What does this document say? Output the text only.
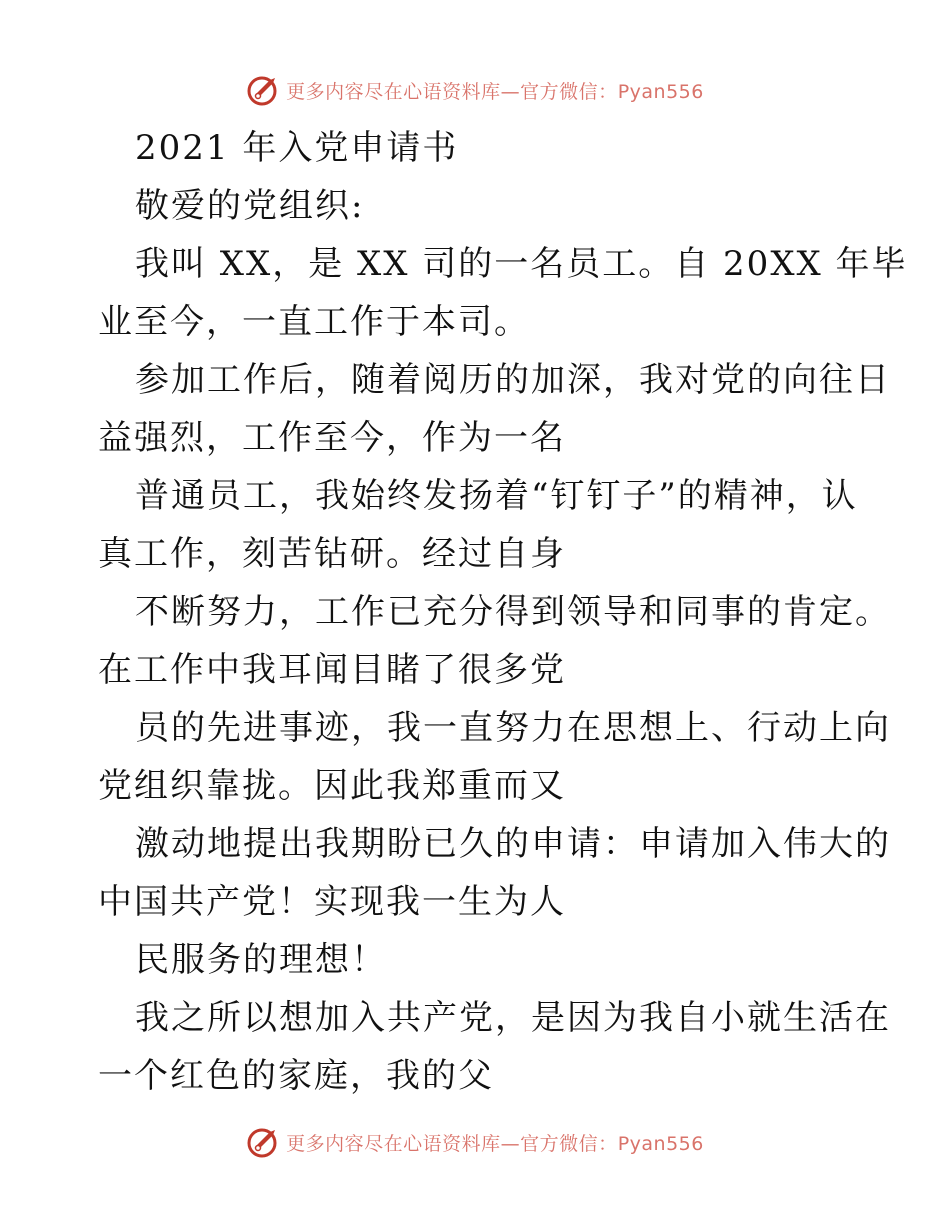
更多内容尽在心语资料库—官方微信：Pyan556
2021 年入党申请书
敬爱的党组织:
我叫 XX，是 XX 司的一名员工。自 20XX 年毕
业至今，一直工作于本司。
参加工作后，随着阅历的加深，我对党的向往日
益强烈，工作至今，作为一名
普通员工，我始终发扬着“钉钉子”的精神，认
真工作，刻苦钻研。经过自身
不断努力，工作已充分得到领导和同事的肯定。
在工作中我耳闻目睹了很多党
员的先进事迹，我一直努力在思想上、行动上向
党组织靠拢。因此我郑重而又
激动地提出我期盼已久的申请：申请加入伟大的
中国共产党！实现我一生为人
民服务的理想！
我之所以想加入共产党，是因为我自小就生活在
一个红色的家庭，我的父
更多内容尽在心语资料库—官方微信：Pyan556
